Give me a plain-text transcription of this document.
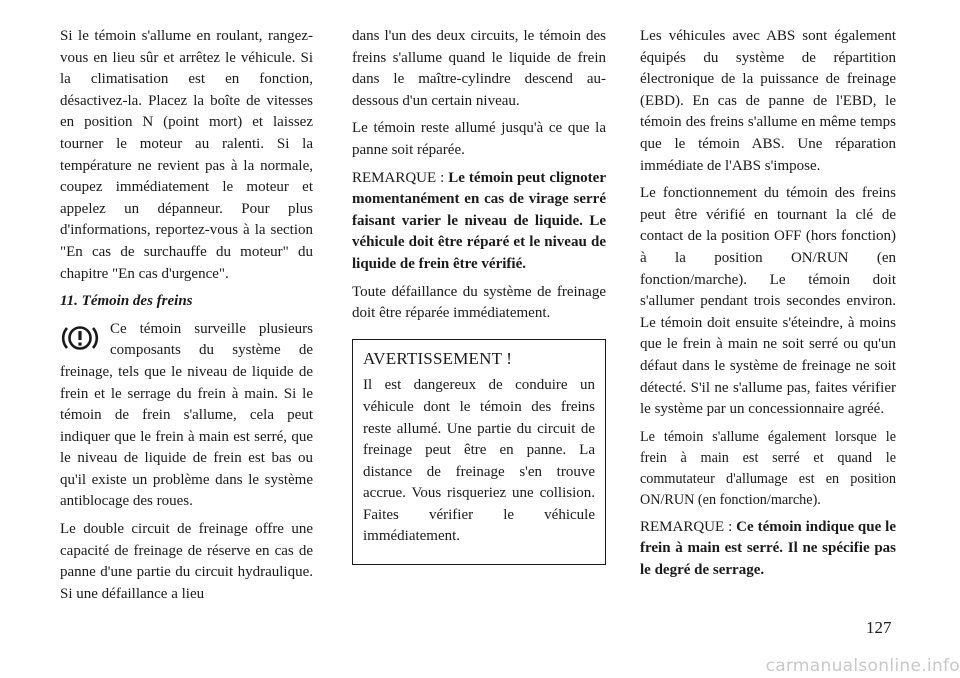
Si le témoin s'allume en roulant, rangez-vous en lieu sûr et arrêtez le véhicule. Si la climatisation est en fonction, désactivez-la. Placez la boîte de vitesses en position N (point mort) et laissez tourner le moteur au ralenti. Si la température ne revient pas à la normale, coupez immédiatement le moteur et appelez un dépanneur. Pour plus d'informations, reportez-vous à la section "En cas de surchauffe du moteur" du chapitre "En cas d'urgence".

11. Témoin des freins

Ce témoin surveille plusieurs composants du système de freinage, tels que le niveau de liquide de frein et le serrage du frein à main. Si le témoin de frein s'allume, cela peut indiquer que le frein à main est serré, que le niveau de liquide de frein est bas ou qu'il existe un problème dans le système antiblocage des roues.

Le double circuit de freinage offre une capacité de freinage de réserve en cas de panne d'une partie du circuit hydraulique. Si une défaillance a lieu

dans l'un des deux circuits, le témoin des freins s'allume quand le liquide de frein dans le maître-cylindre descend au-dessous d'un certain niveau.

Le témoin reste allumé jusqu'à ce que la panne soit réparée.

REMARQUE : Le témoin peut clignoter momentanément en cas de virage serré faisant varier le niveau de liquide. Le véhicule doit être réparé et le niveau de liquide de frein être vérifié.

Toute défaillance du système de freinage doit être réparée immédiatement.

AVERTISSEMENT !

Il est dangereux de conduire un véhicule dont le témoin des freins reste allumé. Une partie du circuit de freinage peut être en panne. La distance de freinage s'en trouve accrue. Vous risqueriez une collision. Faites vérifier le véhicule immédiatement.

Les véhicules avec ABS sont également équipés du système de répartition électronique de la puissance de freinage (EBD). En cas de panne de l'EBD, le témoin des freins s'allume en même temps que le témoin ABS. Une réparation immédiate de l'ABS s'impose.

Le fonctionnement du témoin des freins peut être vérifié en tournant la clé de contact de la position OFF (hors fonction) à la position ON/RUN (en fonction/marche). Le témoin doit s'allumer pendant trois secondes environ. Le témoin doit ensuite s'éteindre, à moins que le frein à main ne soit serré ou qu'un défaut dans le système de freinage ne soit détecté. S'il ne s'allume pas, faites vérifier le système par un concessionnaire agréé.

Le témoin s'allume également lorsque le frein à main est serré et quand le commutateur d'allumage est en position ON/RUN (en fonction/marche).

REMARQUE : Ce témoin indique que le frein à main est serré. Il ne spécifie pas le degré de serrage.

127
carmanualsonline.info
